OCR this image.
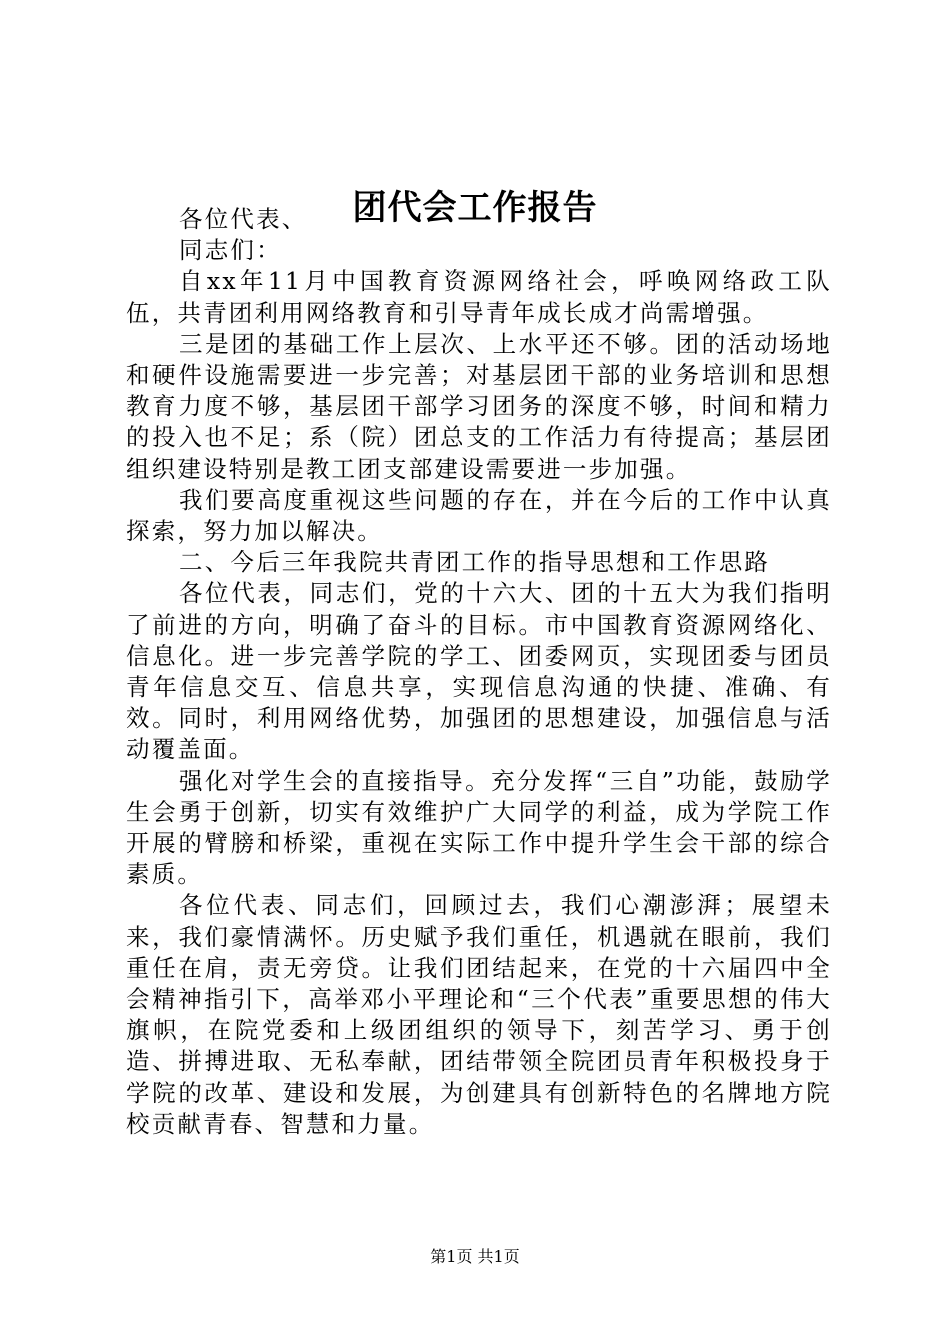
团代会工作报告

各位代表、

同志们：

自xx年11月中国教育资源网络社会，呼唤网络政工队伍，共青团利用网络教育和引导青年成长成才尚需增强。

三是团的基础工作上层次、上水平还不够。团的活动场地和硬件设施需要进一步完善；对基层团干部的业务培训和思想教育力度不够，基层团干部学习团务的深度不够，时间和精力的投入也不足；系（院）团总支的工作活力有待提高；基层团组织建设特别是教工团支部建设需要进一步加强。

我们要高度重视这些问题的存在，并在今后的工作中认真探索，努力加以解决。

二、今后三年我院共青团工作的指导思想和工作思路

各位代表，同志们，党的十六大、团的十五大为我们指明了前进的方向，明确了奋斗的目标。市中国教育资源网络化、信息化。进一步完善学院的学工、团委网页，实现团委与团员青年信息交互、信息共享，实现信息沟通的快捷、准确、有效。同时，利用网络优势，加强团的思想建设，加强信息与活动覆盖面。

强化对学生会的直接指导。充分发挥“三自”功能，鼓励学生会勇于创新，切实有效维护广大同学的利益，成为学院工作开展的臂膀和桥梁，重视在实际工作中提升学生会干部的综合素质。

各位代表、同志们，回顾过去，我们心潮澎湃；展望未来，我们豪情满怀。历史赋予我们重任，机遇就在眼前，我们重任在肩，责无旁贷。让我们团结起来，在党的十六届四中全会精神指引下，高举邓小平理论和“三个代表”重要思想的伟大旗帜，在院党委和上级团组织的领导下，刻苦学习、勇于创造、拼搏进取、无私奉献，团结带领全院团员青年积极投身于学院的改革、建设和发展，为创建具有创新特色的名牌地方院校贡献青春、智慧和力量。

第1页 共1页
